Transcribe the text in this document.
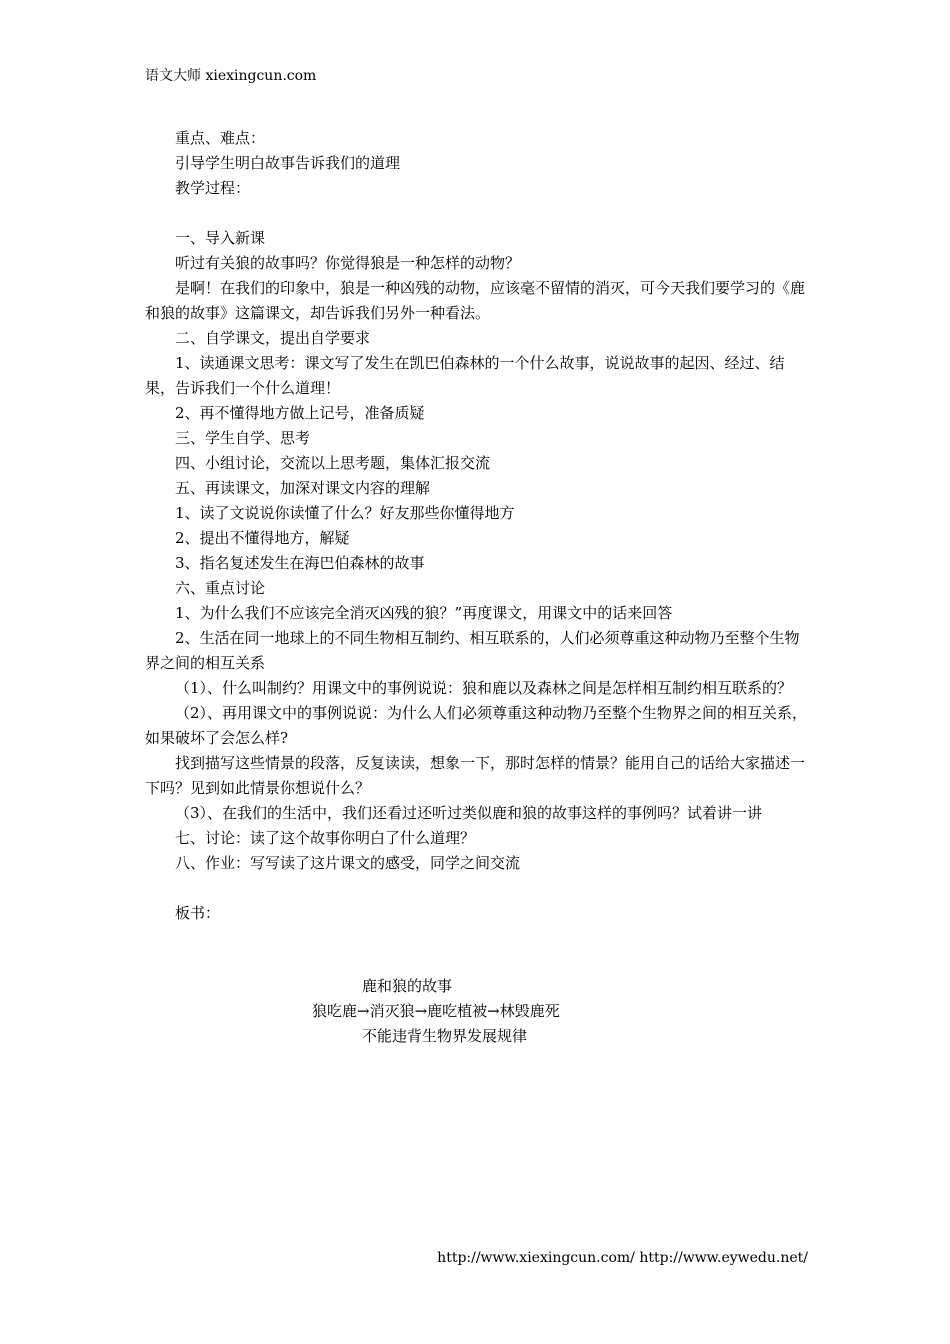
语文大师 xiexingcun.com

重点、难点：

引导学生明白故事告诉我们的道理

教学过程：

一、导入新课

听过有关狼的故事吗？你觉得狼是一种怎样的动物？

是啊！在我们的印象中，狼是一种凶残的动物，应该毫不留情的消灭，可今天我们要学习的《鹿和狼的故事》这篇课文，却告诉我们另外一种看法。

二、自学课文，提出自学要求

1、读通课文思考：课文写了发生在凯巴伯森林的一个什么故事，说说故事的起因、经过、结果，告诉我们一个什么道理！

2、再不懂得地方做上记号，准备质疑

三、学生自学、思考

四、小组讨论，交流以上思考题，集体汇报交流

五、再读课文，加深对课文内容的理解

1、读了文说说你读懂了什么？好友那些你懂得地方

2、提出不懂得地方，解疑

3、指名复述发生在海巴伯森林的故事

六、重点讨论

1、为什么我们不应该完全消灭凶残的狼？”再度课文，用课文中的话来回答

2、生活在同一地球上的不同生物相互制约、相互联系的，人们必须尊重这种动物乃至整个生物界之间的相互关系

（1）、什么叫制约？用课文中的事例说说：狼和鹿以及森林之间是怎样相互制约相互联系的？

（2）、再用课文中的事例说说：为什么人们必须尊重这种动物乃至整个生物界之间的相互关系，如果破坏了会怎么样?

找到描写这些情景的段落，反复读读，想象一下，那时怎样的情景？能用自己的话给大家描述一下吗？见到如此情景你想说什么？

（3）、在我们的生活中，我们还看过还听过类似鹿和狼的故事这样的事例吗？试着讲一讲

七、讨论：读了这个故事你明白了什么道理？

八、作业：写写读了这片课文的感受，同学之间交流

板书：

鹿和狼的故事
狼吃鹿→消灭狼→鹿吃植被→林毁鹿死
不能违背生物界发展规律
http://www.xiexingcun.com/ http://www.eywedu.net/
